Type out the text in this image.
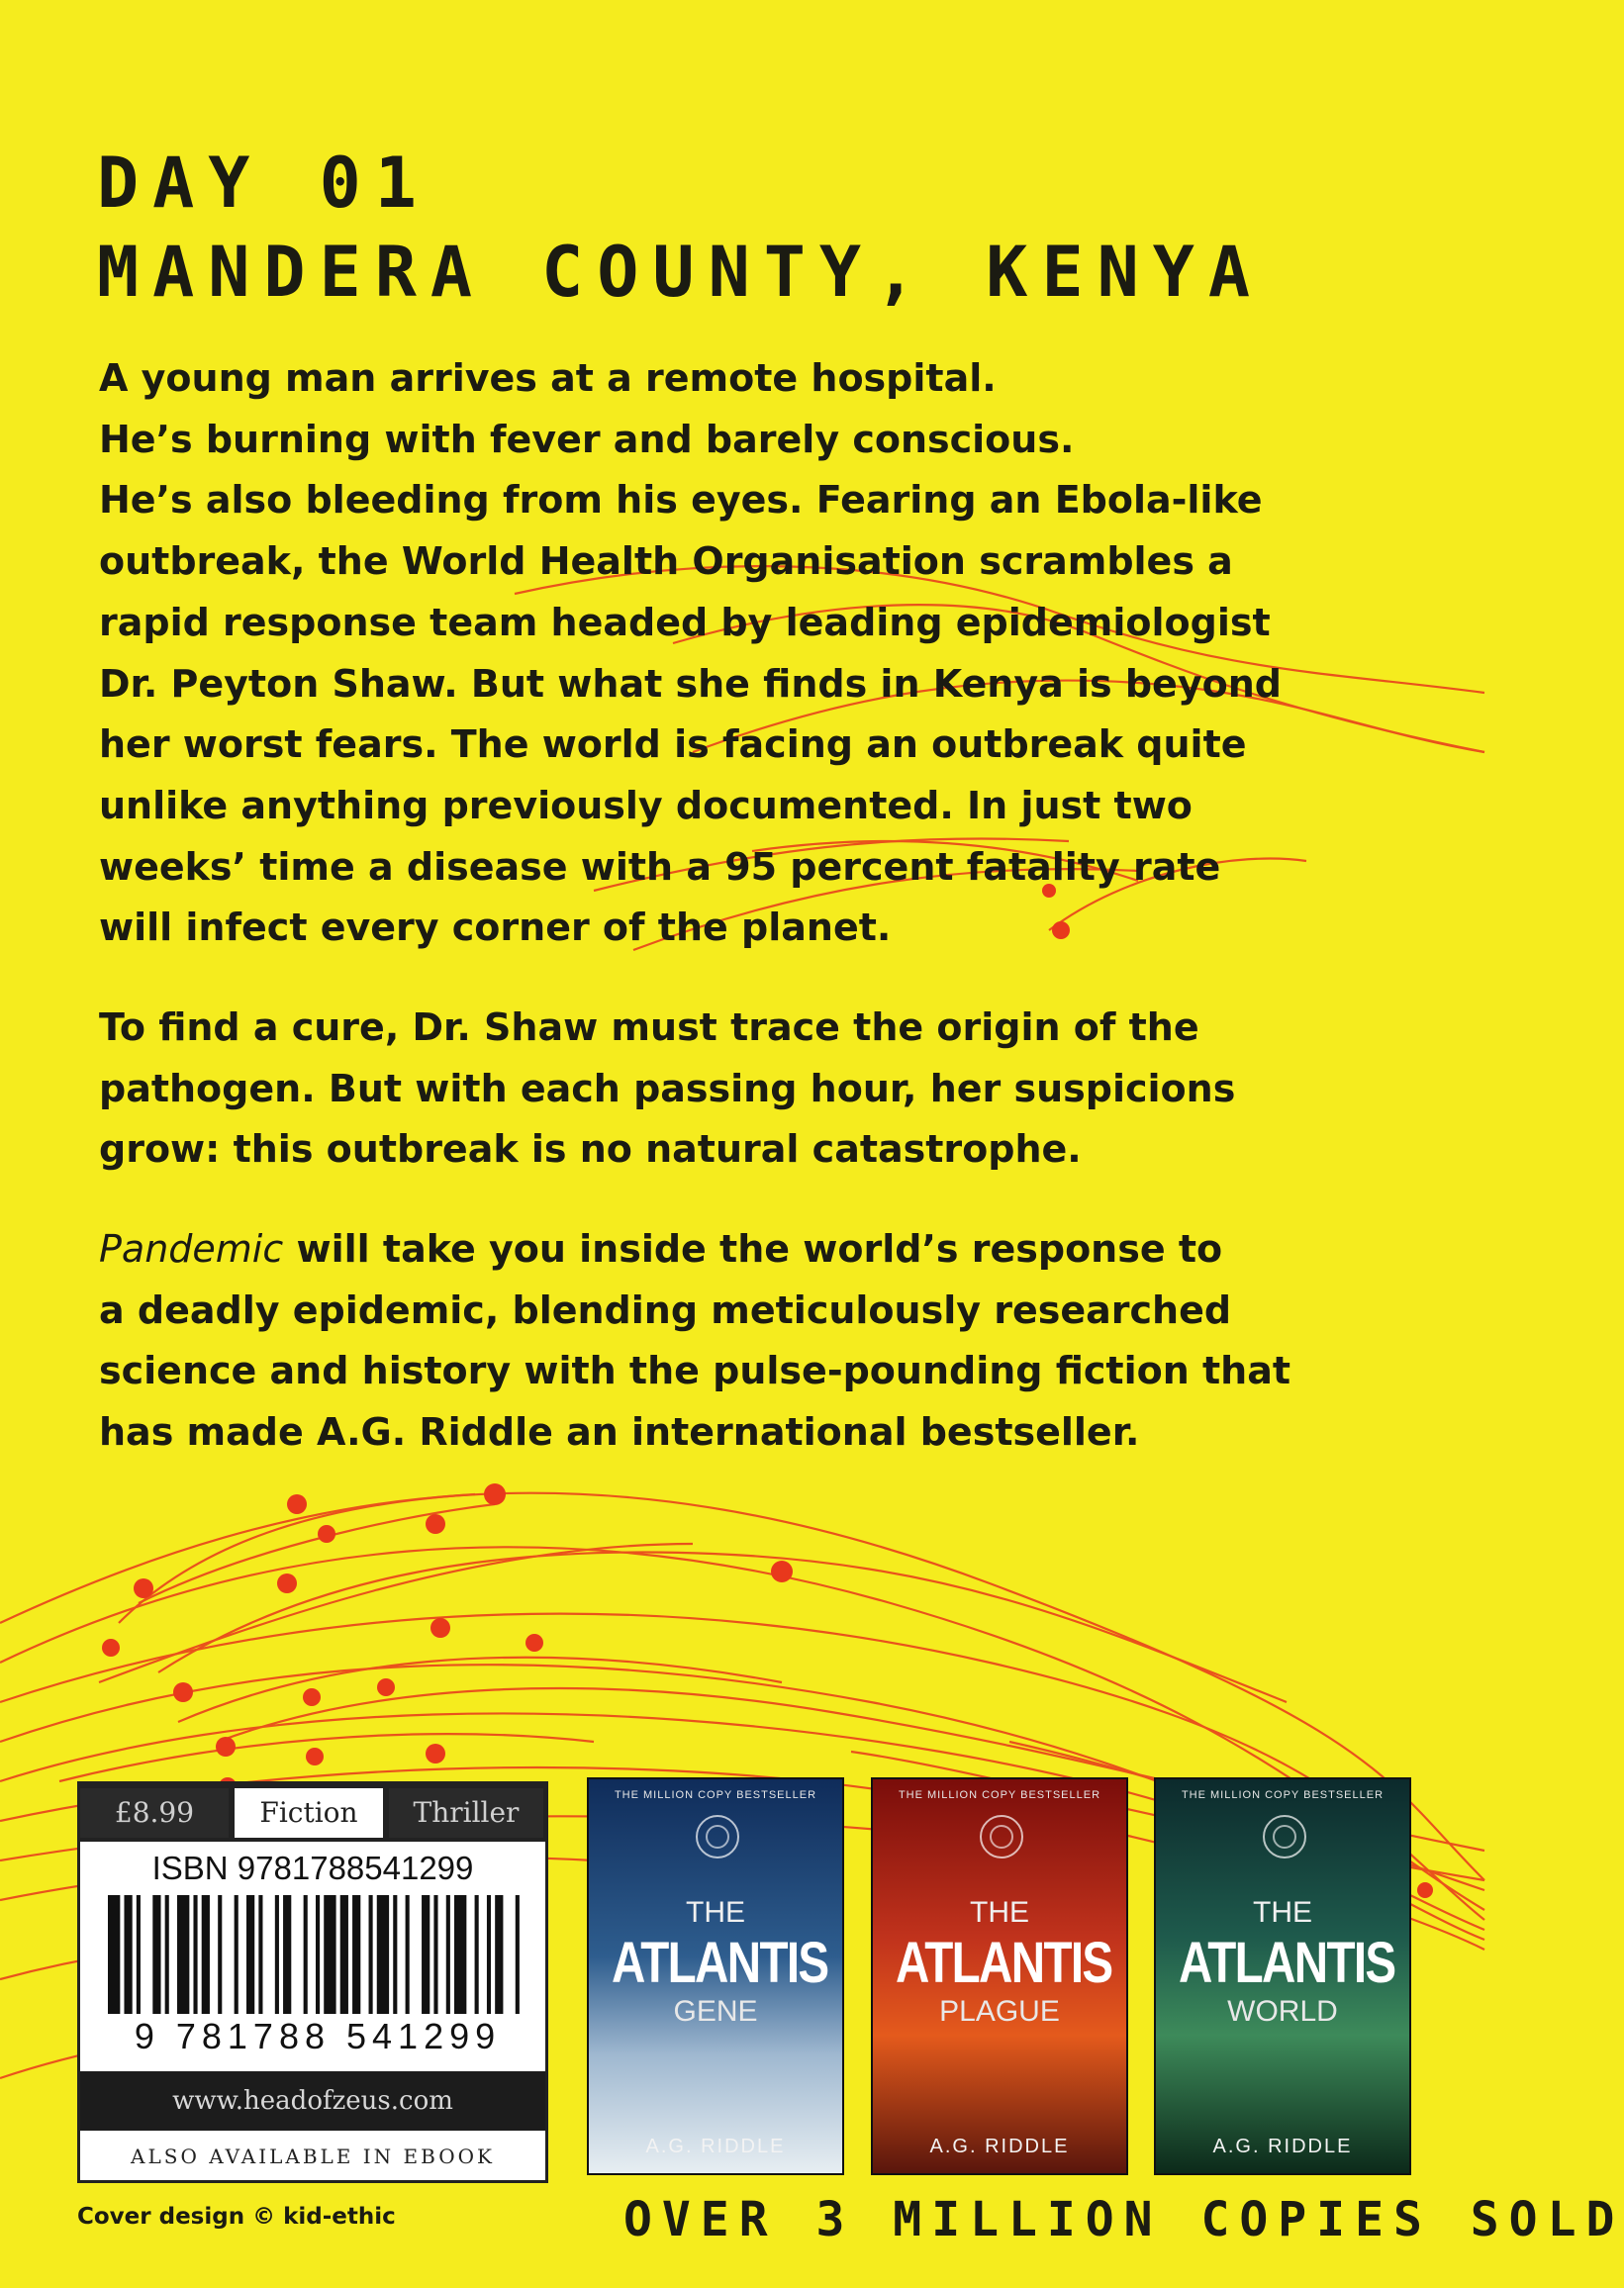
DAY 01
MANDERA COUNTY, KENYA
A young man arrives at a remote hospital.
He’s burning with fever and barely conscious.
He’s also bleeding from his eyes. Fearing an Ebola-like
outbreak, the World Health Organisation scrambles a
rapid response team headed by leading epidemiologist
Dr. Peyton Shaw. But what she finds in Kenya is beyond
her worst fears. The world is facing an outbreak quite
unlike anything previously documented. In just two
weeks’ time a disease with a 95 percent fatality rate
will infect every corner of the planet.
To find a cure, Dr. Shaw must trace the origin of the
pathogen. But with each passing hour, her suspicions
grow: this outbreak is no natural catastrophe.
Pandemic will take you inside the world’s response to
a deadly epidemic, blending meticulously researched
science and history with the pulse-pounding fiction that
has made A.G. Riddle an international bestseller.
£8.99	Fiction	Thriller
ISBN 9781788541299
9 781788 541299
www.headofzeus.com
ALSO AVAILABLE IN EBOOK
THE MILLION COPY BESTSELLER
THE
ATLANTIS
GENE
A.G. RIDDLE
THE MILLION COPY BESTSELLER
THE
ATLANTIS
PLAGUE
A.G. RIDDLE
THE MILLION COPY BESTSELLER
THE
ATLANTIS
WORLD
A.G. RIDDLE
Cover design © kid-ethic	OVER 3 MILLION COPIES SOLD
